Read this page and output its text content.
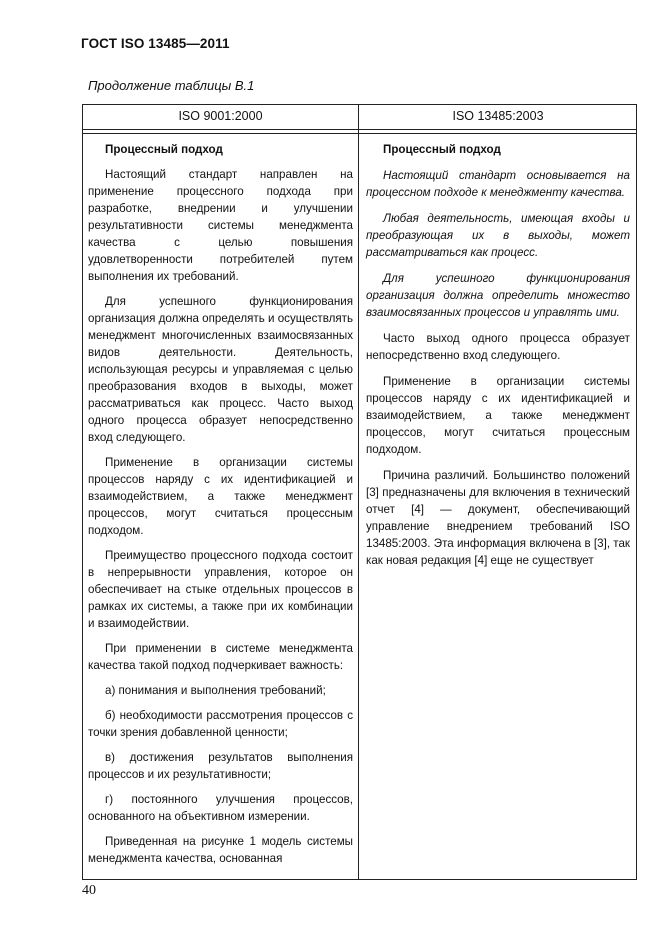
ГОСТ ISO 13485—2011
Продолжение таблицы В.1
ISO 9001:2000	ISO 13485:2003

Процессный подход

Настоящий стандарт направлен на применение процессного подхода при разработке, внедрении и улучшении результативности системы менеджмента качества с целью повышения удовлетворенности потребителей путем выполнения их требований.

Для успешного функционирования организация должна определять и осуществлять менеджмент многочисленных взаимосвязанных видов деятельности. Деятельность, использующая ресурсы и управляемая с целью преобразования входов в выходы, может рассматриваться как процесс. Часто выход одного процесса образует непосредственно вход следующего.

Применение в организации системы процессов наряду с их идентификацией и взаимодействием, а также менеджмент процессов, могут считаться процессным подходом.

Преимущество процессного подхода состоит в непрерывности управления, которое он обеспечивает на стыке отдельных процессов в рамках их системы, а также при их комбинации и взаимодействии.

При применении в системе менеджмента качества такой подход подчеркивает важность:

а) понимания и выполнения требований;

б) необходимости рассмотрения процессов с точки зрения добавленной ценности;

в) достижения результатов выполнения процессов и их результативности;

г) постоянного улучшения процессов, основанного на объективном измерении.

Приведенная на рисунке 1 модель системы менеджмента качества, основанная

Процессный подход

Настоящий стандарт основывается на процессном подходе к менеджменту качества.

Любая деятельность, имеющая входы и преобразующая их в выходы, может рассматриваться как процесс.

Для успешного функционирования организация должна определить множество взаимосвязанных процессов и управлять ими.

Часто выход одного процесса образует непосредственно вход следующего.

Применение в организации системы процессов наряду с их идентификацией и взаимодействием, а также менеджмент процессов, могут считаться процессным подходом.

Причина различий. Большинство положений [3] предназначены для включения в технический отчет [4] — документ, обеспечивающий управление внедрением требований ISO 13485:2003. Эта информация включена в [3], так как новая редакция [4] еще не существует

40
